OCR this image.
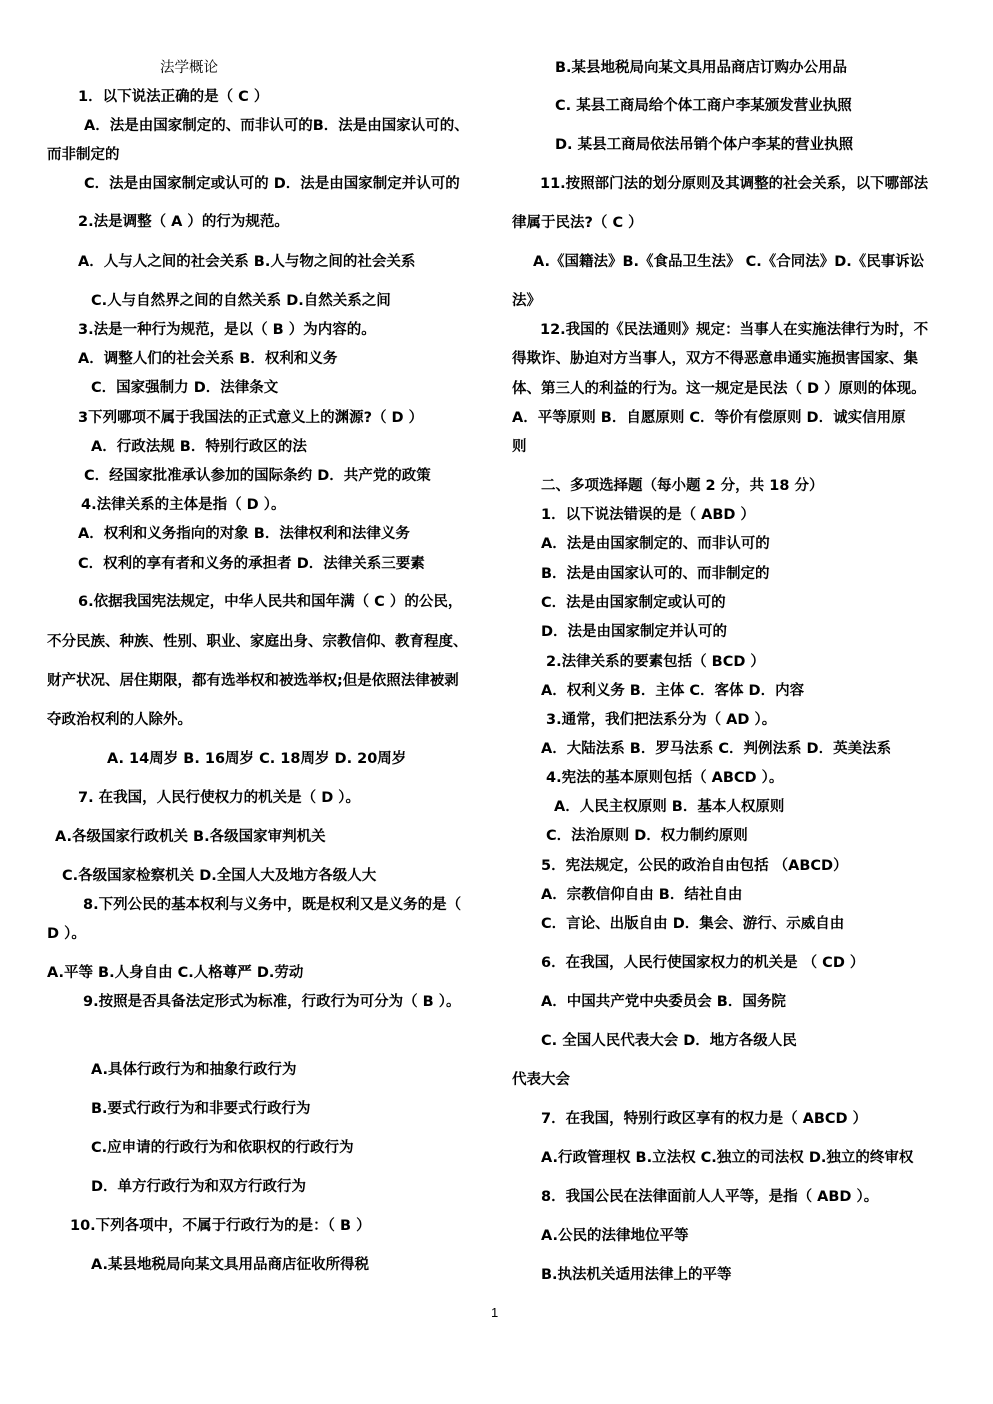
法学概论
1．以下说法正确的是（ C ）
A．法是由国家制定的、而非认可的B．法是由国家认可的、
而非制定的
C．法是由国家制定或认可的 D．法是由国家制定并认可的
2.法是调整（ A ）的行为规范。
A．人与人之间的社会关系 B.人与物之间的社会关系
C.人与自然界之间的自然关系 D.自然关系之间
3.法是一种行为规范，是以（ B ）为内容的。
A．调整人们的社会关系 B．权利和义务
C．国家强制力 D．法律条文
3下列哪项不属于我国法的正式意义上的渊源?（ D ）
A．行政法规 B．特别行政区的法
C．经国家批准承认参加的国际条约 D．共产党的政策
4.法律关系的主体是指（ D ）。
A．权利和义务指向的对象 B．法律权利和法律义务
C．权利的享有者和义务的承担者 D．法律关系三要素
6.依据我国宪法规定，中华人民共和国年满（ C ）的公民，
不分民族、种族、性别、职业、家庭出身、宗教信仰、教育程度、
财产状况、居住期限，都有选举权和被选举权;但是依照法律被剥
夺政治权利的人除外。
A. 14周岁 B. 16周岁 C. 18周岁 D. 20周岁
7. 在我国，人民行使权力的机关是（ D ）。
A.各级国家行政机关 B.各级国家审判机关
C.各级国家检察机关 D.全国人大及地方各级人大
8.下列公民的基本权利与义务中，既是权利又是义务的是（
D ）。
A.平等 B.人身自由 C.人格尊严 D.劳动
9.按照是否具备法定形式为标准，行政行为可分为（ B ）。
A.具体行政行为和抽象行政行为
B.要式行政行为和非要式行政行为
C.应申请的行政行为和依职权的行政行为
D．单方行政行为和双方行政行为
10.下列各项中，不属于行政行为的是：（ B ）
A.某县地税局向某文具用品商店征收所得税
B.某县地税局向某文具用品商店订购办公用品
C. 某县工商局给个体工商户李某颁发营业执照
D. 某县工商局依法吊销个体户李某的营业执照
11.按照部门法的划分原则及其调整的社会关系，以下哪部法
律属于民法?（ C ）
A.《国籍法》B.《食品卫生法》 C.《合同法》D.《民事诉讼
法》
12.我国的《民法通则》规定：当事人在实施法律行为时，不
得欺诈、胁迫对方当事人，双方不得恶意串通实施损害国家、集
体、第三人的利益的行为。这一规定是民法（ D ）原则的体现。
A．平等原则 B．自愿原则 C．等价有偿原则 D．诚实信用原
则
二、多项选择题（每小题 2 分，共 18 分）
1．以下说法错误的是（ ABD ）
A．法是由国家制定的、而非认可的
B．法是由国家认可的、而非制定的
C．法是由国家制定或认可的
D．法是由国家制定并认可的
2.法律关系的要素包括（ BCD ）
A．权利义务 B．主体 C．客体 D．内容
3.通常，我们把法系分为（ AD ）。
A．大陆法系 B．罗马法系 C．判例法系 D．英美法系
4.宪法的基本原则包括（ ABCD ）。
A．人民主权原则 B．基本人权原则
C．法治原则 D．权力制约原则
5．宪法规定，公民的政治自由包括 （ABCD）
A．宗教信仰自由 B．结社自由
C．言论、出版自由 D．集会、游行、示威自由
6．在我国，人民行使国家权力的机关是 （ CD ）
A．中国共产党中央委员会 B．国务院
C. 全国人民代表大会 D．地方各级人民
代表大会
7．在我国，特别行政区享有的权力是（ ABCD ）
A.行政管理权 B.立法权 C.独立的司法权 D.独立的终审权
8．我国公民在法律面前人人平等，是指（ ABD ）。
A.公民的法律地位平等
B.执法机关适用法律上的平等
1
